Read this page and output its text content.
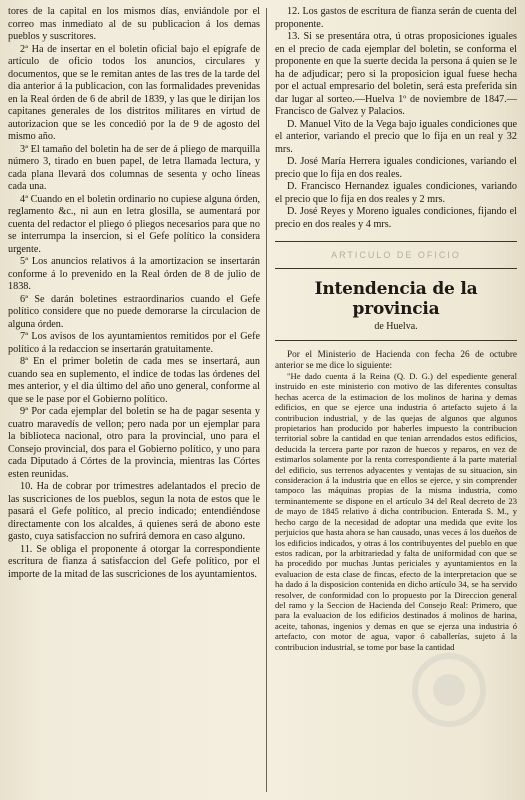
tores de la capital en los mismos días, enviándole por el correo mas inmediato al de su publicacion á los demas pueblos y suscritores.

2ª Ha de insertar en el boletin oficial bajo el epígrafe de artículo de oficio todos los anuncios, circulares y documentos, que se le remitan antes de las tres de la tarde del dia anterior á la publicacion, con las formalidades prevenidas en la Real órden de 6 de abril de 1839, y las que le dirijan los capitanes generales de los distritos militares en virtud de autorizacion que se les concedió por la de 9 de agosto del mismo año.

3ª El tamaño del boletin ha de ser de á pliego de marquilla número 3, tirado en buen papel, de letra llamada lectura, y cada plana llevará dos columnas de sesenta y ocho líneas cada una.

4ª Cuando en el boletin ordinario no cupiese alguna órden, reglamento &c., ni aun en letra glosilla, se aumentará por cuenta del redactor el pliego ó pliegos necesarios para que no se interrumpa la insercion, si el Gefe político la considera urgente.

5ª Los anuncios relativos á la amortizacion se insertarán conforme á lo prevenido en la Real órden de 8 de julio de 1838.

6ª Se darán boletines estraordinarios cuando el Gefe político considere que no puede demorarse la circulacion de alguna órden.

7ª Los avisos de los ayuntamientos remitidos por el Gefe político á la redaccion se insertarán gratuitamente.

8ª En el primer boletin de cada mes se insertará, aun cuando sea en suplemento, el indice de todas las órdenes del mes anterior, y el dia último del año uno general, conforme al que se le pase por el Gobierno político.

9ª Por cada ejemplar del boletin se ha de pagar sesenta y cuatro maravedís de vellon; pero nada por un ejemplar para la biblioteca nacional, otro para la provincial, uno para el Consejo provincial, dos para el Gobierno político, y uno para cada Diputado á Córtes de la provincia, mientras las Córtes esten reunidas.

10. Ha de cobrar por trimestres adelantados el precio de las suscriciones de los pueblos, segun la nota de estos que le pasará el Gefe político, al precio indicado; entendiéndose directamente con los alcaldes, á quienes será de abono este gasto, cuya satisfaccion no sufrirá demora en caso alguno.

11. Se obliga el proponente á otorgar la correspondiente escritura de fianza á satisfaccion del Gefe político, por el importe de la mitad de las suscriciones de los ayuntamientos.

12. Los gastos de escritura de fianza serán de cuenta del proponente.

13. Si se presentára otra, ú otras proposiciones iguales en el precio de cada ejemplar del boletin, se conforma el proponente en que la suerte decida la persona á quien se le ha de adjudicar; pero si la proposicion igual fuese hecha por el actual empresario del boletin, será esta preferida sin dar lugar al sorteo.—Huelva 1º de noviembre de 1847.—Francisco de Galvez y Palacios.

D. Manuel Vito de la Vega bajo iguales condiciones que el anterior, variando el precio que lo fija en un real y 32 mrs.

D. José María Herrera iguales condiciones, variando el precio que lo fija en dos reales.

D. Francisco Hernandez iguales condiciones, variando el precio que lo fija en dos reales y 2 mrs.

D. José Reyes y Moreno iguales condiciones, fijando el precio en dos reales y 4 mrs.

ARTICULO DE OFICIO
Intendencia de la provincia
de Huelva.

Por el Ministerio de Hacienda con fecha 26 de octubre anterior se me dice lo siguiente:

"He dado cuenta á la Reina (Q. D. G.) del espediente general instruido en este ministerio con motivo de las diferentes consultas hechas acerca de la estimacion de los molinos de harina y demas edificios, en que se ejerce una industria ó artefacto sujeto á la contribucion industrial, y de las quejas de algunos que algunos propietarios han producido por haberles impuesto la contribucion territorial sobre la cantidad en que tenian arrendados estos edificios, deducida la tercera parte por razon de huecos y reparos, en vez de estimarlos solamente por la renta correspondiente á la parte material del edificio, sus terrenos adyacentes y ventajas de su situacion, sin consideracion á la industria que en ellos se ejerce, y sin comprender tampoco las máquinas propias de la misma industria, como terminantemente se dispone en el artículo 34 del Real decreto de 23 de mayo de 1845 relativo á dicha contribucion. Enterada S. M., y hecho cargo de la necesidad de adoptar una medida que evite los perjuicios que hasta ahora se han causado, unas veces á los dueños de los edificios indicados, y otras á los contribuyentes del pueblo en que estos radican, por la arbitrariedad y falta de uniformidad con que se ha procedido por muchas Juntas periciales y ayuntamientos en la evaluacion de esta clase de fincas, efecto de la interpretacion que se ha dado á la disposicion contenida en dicho artículo 34, se ha servido resolver, de conformidad con lo propuesto por la Direccion general del ramo y la Seccion de Hacienda del Consejo Real: Primero, que para la evaluacion de los edificios destinados á molinos de harina, aceite, tahonas, ingenios y demas en que se ejerza una industria ó artefacto, con motor de agua, vapor ó caballerías, sujeto á la contribucion industrial, se tome por base la cantidad
